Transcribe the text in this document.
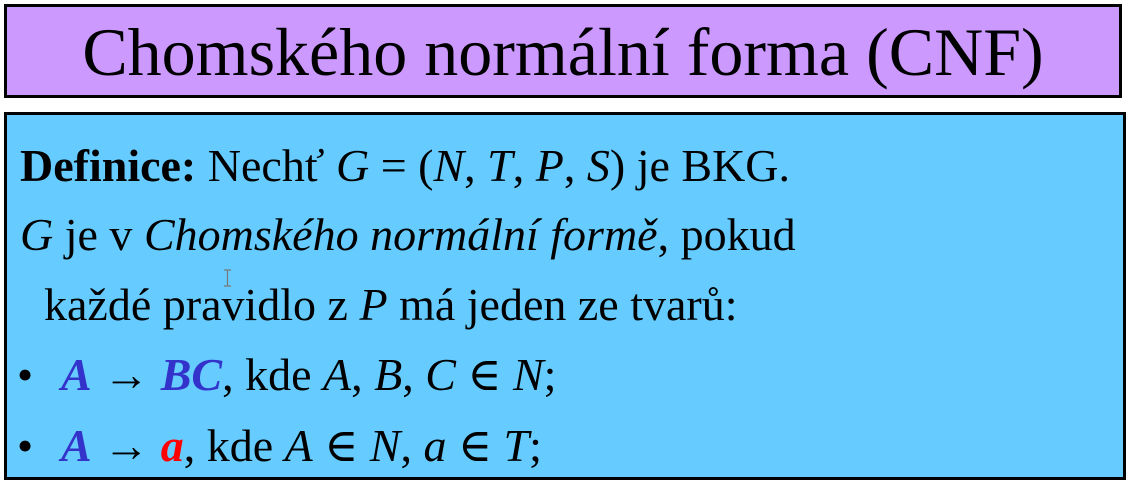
Chomského normální forma (CNF)
Definice: Nechť G = (N, T, P, S) je BKG.
G je v Chomského normální formě, pokud
každé pravidlo z P má jeden ze tvarů:
• A → BC, kde A, B, C ∈ N;
• A → a, kde A ∈ N, a ∈ T;
